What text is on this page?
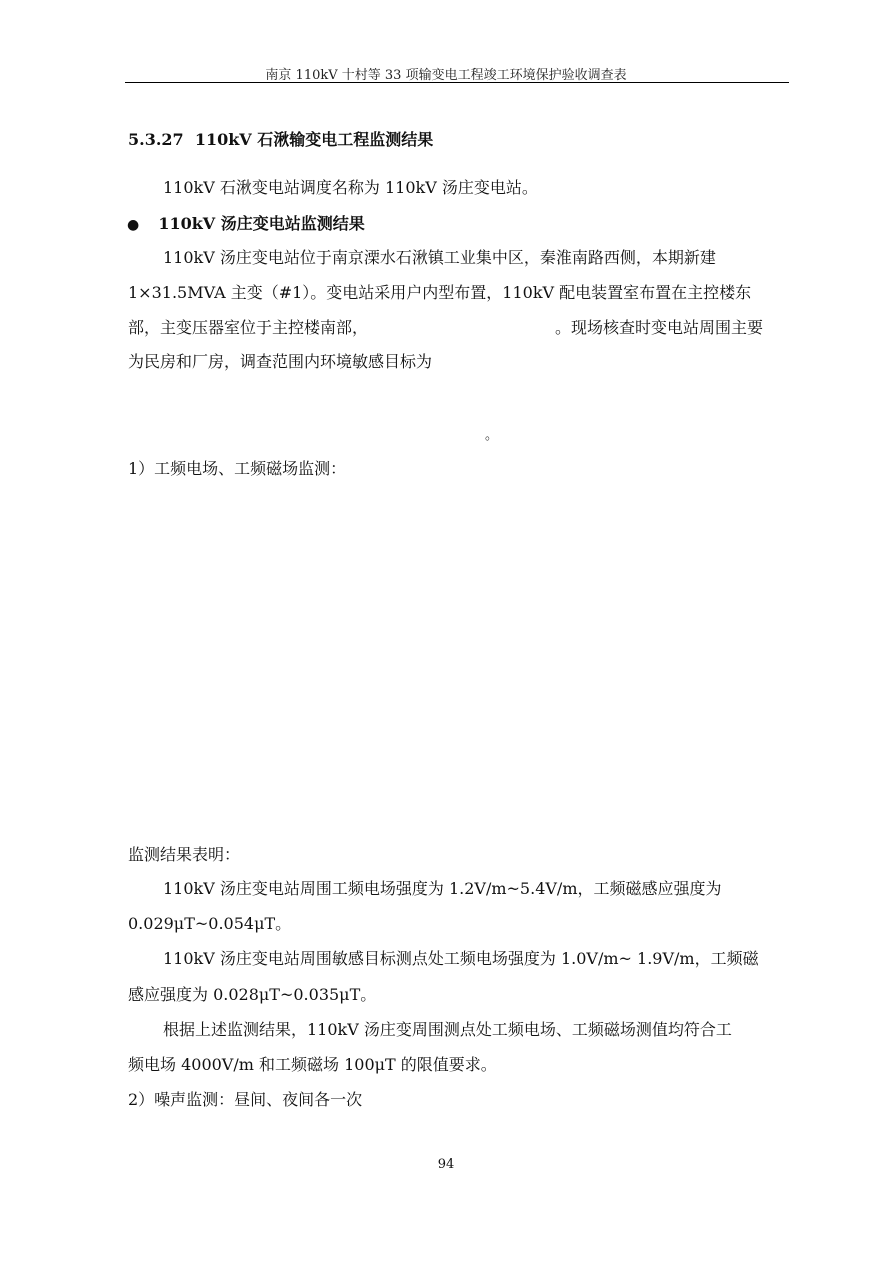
南京 110kV 十村等 33 项输变电工程竣工环境保护验收调查表
5.3.27 110kV 石湫输变电工程监测结果
110kV 石湫变电站调度名称为 110kV 汤庄变电站。
● 110kV 汤庄变电站监测结果
110kV 汤庄变电站位于南京溧水石湫镇工业集中区，秦淮南路西侧，本期新建
1×31.5MVA 主变（#1）。变电站采用户内型布置，110kV 配电装置室布置在主控楼东
部，主变压器室位于主控楼南部，	。现场核查时变电站周围主要
为民房和厂房，调查范围内环境敏感目标为
。
1）工频电场、工频磁场监测：
监测结果表明：
110kV 汤庄变电站周围工频电场强度为 1.2V/m~5.4V/m，工频磁感应强度为
0.029μT~0.054μT。
110kV 汤庄变电站周围敏感目标测点处工频电场强度为 1.0V/m~ 1.9V/m，工频磁
感应强度为 0.028μT~0.035μT。
根据上述监测结果，110kV 汤庄变周围测点处工频电场、工频磁场测值均符合工
频电场 4000V/m 和工频磁场 100μT 的限值要求。
2）噪声监测：昼间、夜间各一次
94
